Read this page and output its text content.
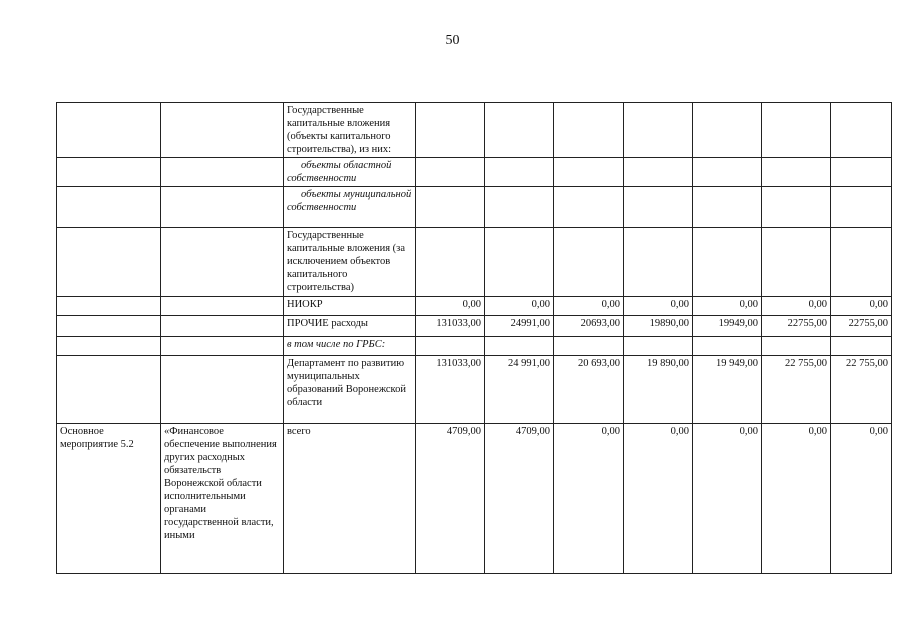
50
		Государственные капитальные вложения (объекты капитального строительства), из них:							
		объекты областной собственности							
		объекты муниципальной собственности							
		Государственные капитальные вложения (за исключением объектов капитального строительства)							
		НИОКР	0,00	0,00	0,00	0,00	0,00	0,00	0,00
		ПРОЧИЕ расходы	131033,00	24991,00	20693,00	19890,00	19949,00	22755,00	22755,00
		в том числе по ГРБС:							
		Департамент по развитию муниципальных образований Воронежской области	131033,00	24 991,00	20 693,00	19 890,00	19 949,00	22 755,00	22 755,00
Основное мероприятие 5.2	«Финансовое обеспечение выполнения других расходных обязательств Воронежской области исполнительными органами государственной власти, иными	всего	4709,00	4709,00	0,00	0,00	0,00	0,00	0,00
